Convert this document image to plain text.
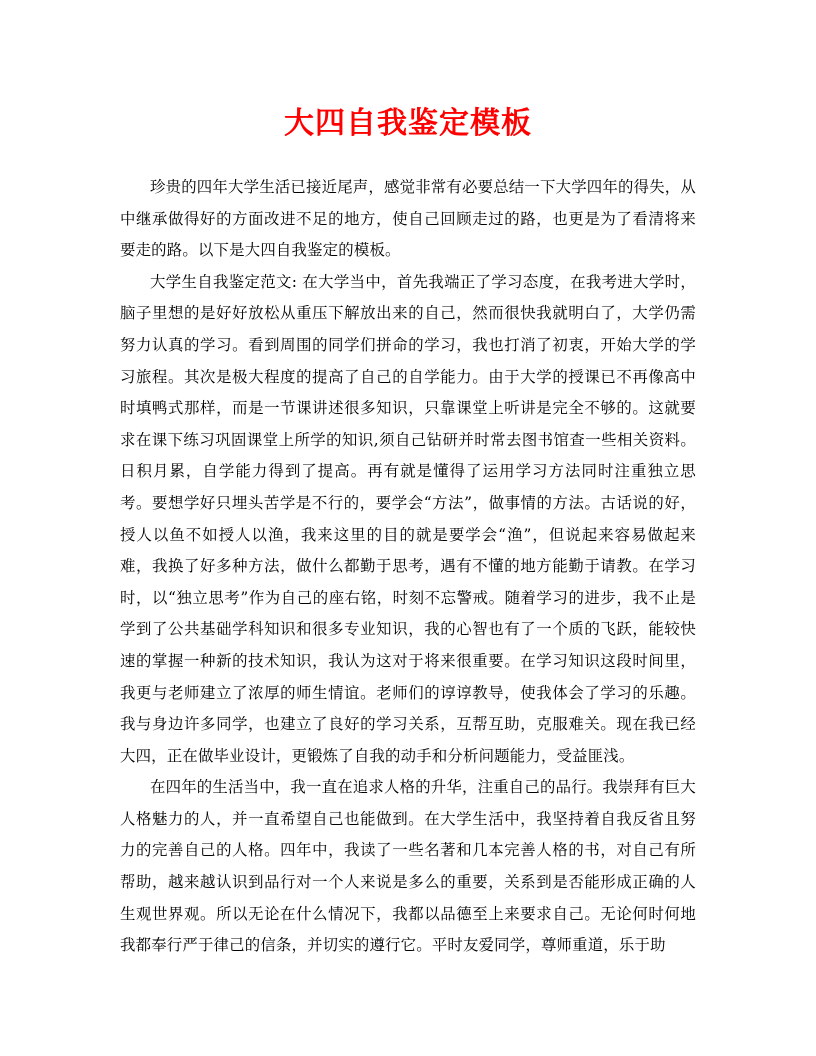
大四自我鉴定模板

珍贵的四年大学生活已接近尾声，感觉非常有必要总结一下大学四年的得失，从中继承做得好的方面改进不足的地方，使自己回顾走过的路，也更是为了看清将来要走的路。以下是大四自我鉴定的模板。

大学生自我鉴定范文: 在大学当中，首先我端正了学习态度，在我考进大学时，脑子里想的是好好放松从重压下解放出来的自己，然而很快我就明白了，大学仍需努力认真的学习。看到周围的同学们拼命的学习，我也打消了初衷，开始大学的学习旅程。其次是极大程度的提高了自己的自学能力。由于大学的授课已不再像高中时填鸭式那样，而是一节课讲述很多知识，只靠课堂上听讲是完全不够的。这就要求在课下练习巩固课堂上所学的知识,须自己钻研并时常去图书馆查一些相关资料。日积月累，自学能力得到了提高。再有就是懂得了运用学习方法同时注重独立思考。要想学好只埋头苦学是不行的，要学会“方法”，做事情的方法。古话说的好，授人以鱼不如授人以渔，我来这里的目的就是要学会“渔”，但说起来容易做起来难，我换了好多种方法，做什么都勤于思考，遇有不懂的地方能勤于请教。在学习时，以“独立思考”作为自己的座右铭，时刻不忘警戒。随着学习的进步，我不止是学到了公共基础学科知识和很多专业知识，我的心智也有了一个质的飞跃，能较快速的掌握一种新的技术知识，我认为这对于将来很重要。在学习知识这段时间里，我更与老师建立了浓厚的师生情谊。老师们的谆谆教导，使我体会了学习的乐趣。我与身边许多同学，也建立了良好的学习关系，互帮互助，克服难关。现在我已经大四，正在做毕业设计，更锻炼了自我的动手和分析问题能力，受益匪浅。

在四年的生活当中，我一直在追求人格的升华，注重自己的品行。我崇拜有巨大人格魅力的人，并一直希望自己也能做到。在大学生活中，我坚持着自我反省且努力的完善自己的人格。四年中，我读了一些名著和几本完善人格的书，对自己有所帮助，越来越认识到品行对一个人来说是多么的重要，关系到是否能形成正确的人生观世界观。所以无论在什么情况下，我都以品德至上来要求自己。无论何时何地我都奉行严于律己的信条，并切实的遵行它。平时友爱同学，尊师重道，乐于助
